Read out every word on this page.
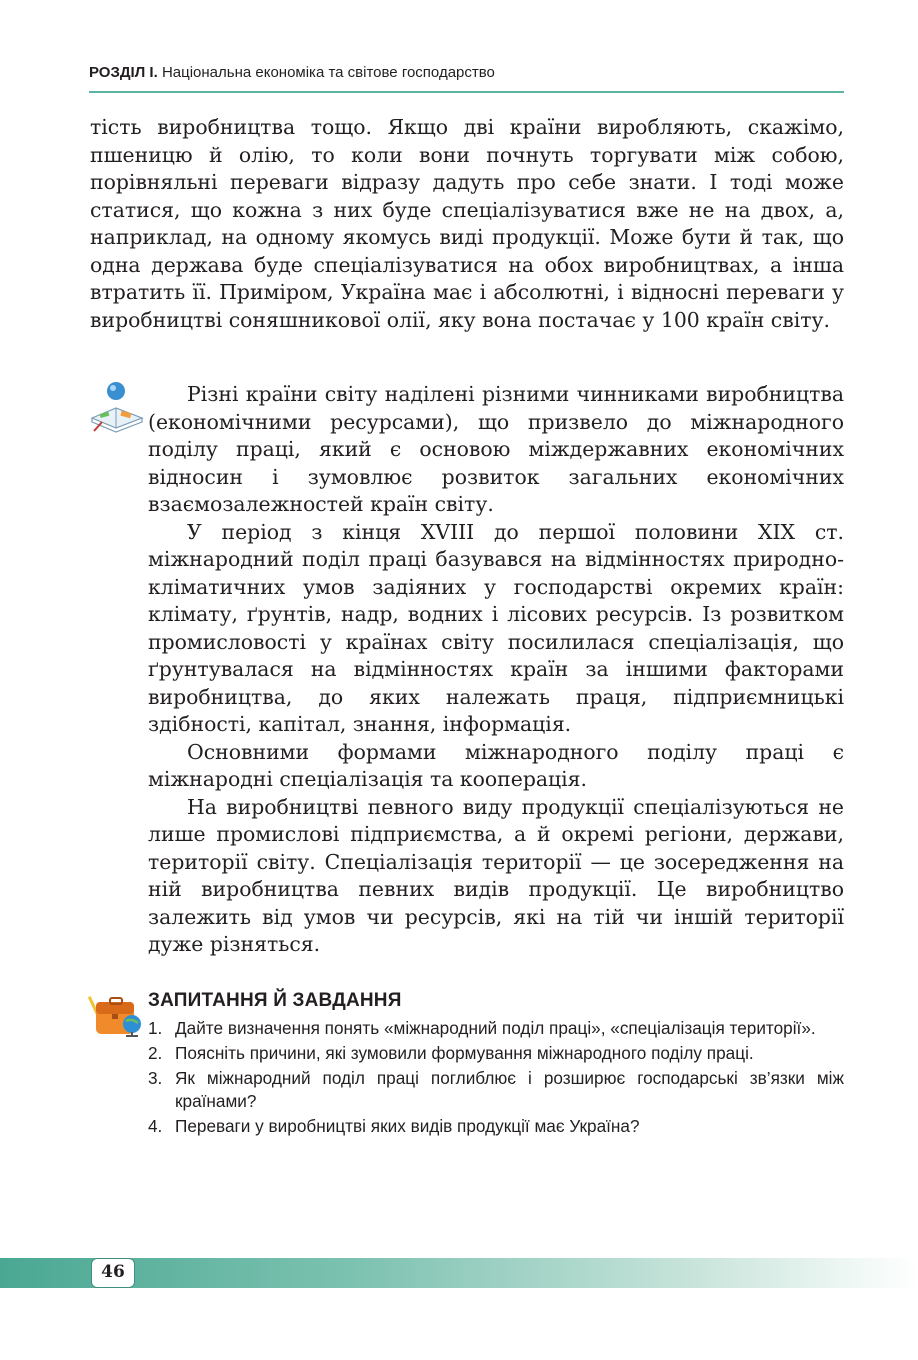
РОЗДІЛ І. Національна економіка та світове господарство

тість виробництва тощо. Якщо дві країни виробляють, скажімо, пшеницю й олію, то коли вони почнуть торгувати між собою, порівняльні переваги відразу дадуть про себе знати. І тоді може статися, що кожна з них буде спеціалізуватися вже не на двох, а, наприклад, на одному якомусь виді продукції. Може бути й так, що одна держава буде спеціалізуватися на обох виробництвах, а інша втратить її. Приміром, Україна має і абсолютні, і відносні переваги у виробництві соняшникової олії, яку вона постачає у 100 країн світу.

Різні країни світу наділені різними чинниками виробництва (економічними ресурсами), що призвело до міжнародного поділу праці, який є основою міждержавних економічних відносин і зумовлює розвиток загальних економічних взаємозалежностей країн світу.

У період з кінця XVIII до першої половини XIX ст. міжнародний поділ праці базувався на відмінностях природно-кліматичних умов задіяних у господарстві окремих країн: клімату, ґрунтів, надр, водних і лісових ресурсів. Із розвитком промисловості у країнах світу посилилася спеціалізація, що ґрунтувалася на відмінностях країн за іншими факторами виробництва, до яких належать праця, підприємницькі здібності, капітал, знання, інформація.

Основними формами міжнародного поділу праці є міжнародні спеціалізація та кооперація.

На виробництві певного виду продукції спеціалізуються не лише промислові підприємства, а й окремі регіони, держави, території світу. Спеціалізація території — це зосередження на ній виробництва певних видів продукції. Це виробництво залежить від умов чи ресурсів, які на тій чи іншій території дуже різняться.

ЗАПИТАННЯ Й ЗАВДАННЯ
1. Дайте визначення понять «міжнародний поділ праці», «спеціалізація території».
2. Поясніть причини, які зумовили формування міжнародного поділу праці.
3. Як міжнародний поділ праці поглиблює і розширює господарські зв’язки між країнами?
4. Переваги у виробництві яких видів продукції має Україна?
46
